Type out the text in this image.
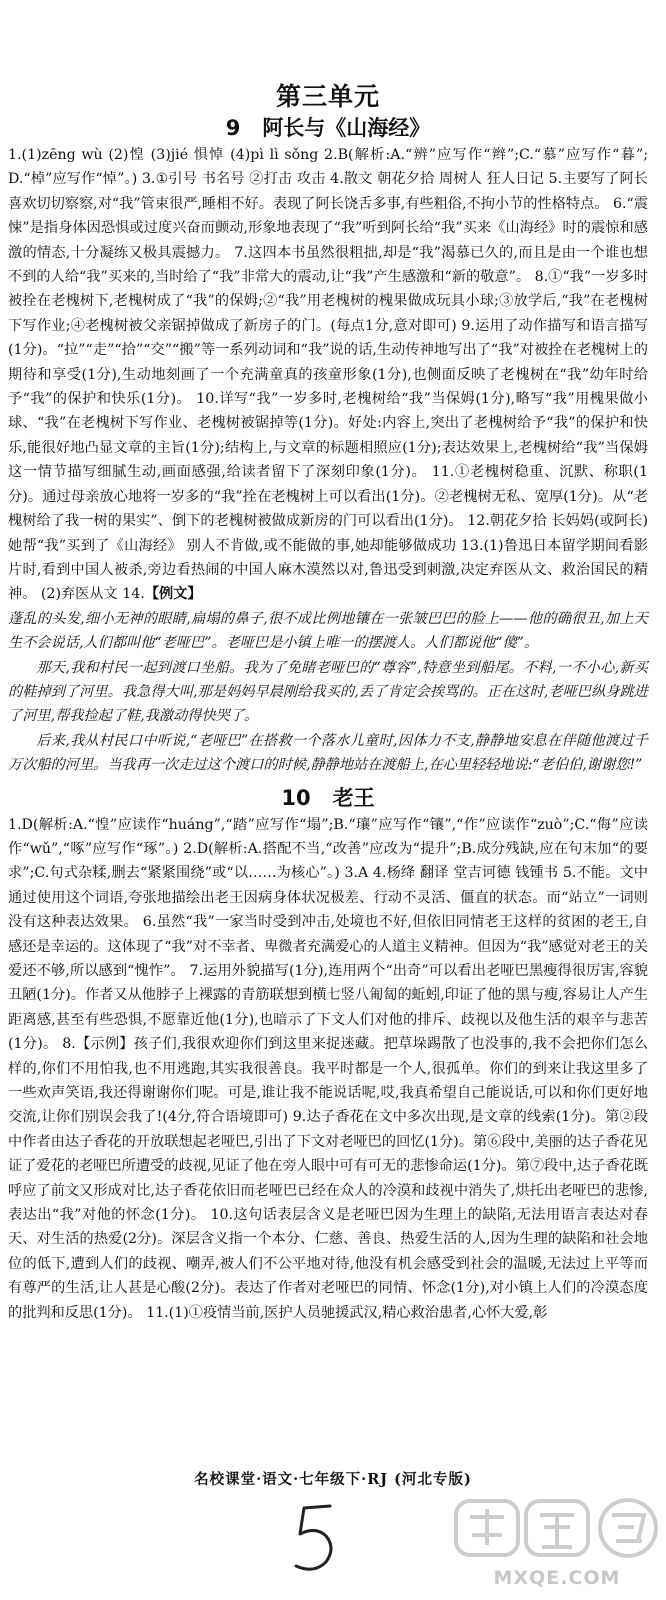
第三单元
9 阿长与《山海经》

1.(1)zēng wù (2)惶 (3)jié 惧悼 (4)pì lì sǒng 2.B(解析:A.“辨”应写作“辫”;C.“慕”应写作“暮”;D.“棹”应写作“悼”。) 3.①引号 书名号 ②打击 攻击 4.散文 朝花夕拾 周树人 狂人日记 5.主要写了阿长喜欢切切察察,对“我”管束很严,睡相不好。表现了阿长饶舌多事,有些粗俗,不拘小节的性格特点。 6.“震悚”是指身体因恐惧或过度兴奋而颤动,形象地表现了“我”听到阿长给“我”买来《山海经》时的震惊和感激的情态,十分凝练又极具震撼力。 7.这四本书虽然很粗拙,却是“我”渴慕已久的,而且是由一个谁也想不到的人给“我”买来的,当时给了“我”非常大的震动,让“我”产生感激和“新的敬意”。 8.①“我”一岁多时被拴在老槐树下,老槐树成了“我”的保姆;②“我”用老槐树的槐果做成玩具小球;③放学后,“我”在老槐树下写作业;④老槐树被父亲锯掉做成了新房子的门。(每点1分,意对即可) 9.运用了动作描写和语言描写(1分)。“拉”“走”“拾”“交”“搬”等一系列动词和“我”说的话,生动传神地写出了“我”对被拴在老槐树上的期待和享受(1分),生动地刻画了一个充满童真的孩童形象(1分),也侧面反映了老槐树在“我”幼年时给予“我”的保护和快乐(1分)。 10.详写“我”一岁多时,老槐树给“我”当保姆(1分),略写“我”用槐果做小球、“我”在老槐树下写作业、老槐树被锯掉等(1分)。好处:内容上,突出了老槐树给予“我”的保护和快乐,能很好地凸显文章的主旨(1分);结构上,与文章的标题相照应(1分);表达效果上,老槐树给“我”当保姆这一情节描写细腻生动,画面感强,给读者留下了深刻印象(1分)。 11.①老槐树稳重、沉默、称职(1分)。通过母亲放心地将一岁多的“我”拴在老槐树上可以看出(1分)。②老槐树无私、宽厚(1分)。从“老槐树给了我一树的果实”、倒下的老槐树被做成新房的门可以看出(1分)。 12.朝花夕拾 长妈妈(或阿长) 她帮“我”买到了《山海经》 别人不肯做,或不能做的事,她却能够做成功 13.(1)鲁迅日本留学期间看影片时,看到中国人被杀,旁边看热闹的中国人麻木漠然以对,鲁迅受到刺激,决定弃医从文、救治国民的精神。 (2)弃医从文 14.【例文】

蓬乱的头发,细小无神的眼睛,扁塌的鼻子,很不成比例地镶在一张皱巴巴的脸上——他的确很丑,加上天生不会说话,人们都叫他“老哑巴”。老哑巴是小镇上唯一的摆渡人。人们都说他“傻”。

那天,我和村民一起到渡口坐船。我为了免睹老哑巴的“尊容”,特意坐到船尾。不料,一不小心,新买的鞋掉到了河里。我急得大叫,那是妈妈早晨刚给我买的,丢了肯定会挨骂的。正在这时,老哑巴纵身跳进了河里,帮我捡起了鞋,我激动得快哭了。

后来,我从村民口中听说,“老哑巴”在搭救一个落水儿童时,因体力不支,静静地安息在伴随他渡过千万次船的河里。当我再一次走过这个渡口的时候,静静地站在渡船上,在心里轻轻地说:“老伯伯,谢谢您!”

10 老王

1.D(解析:A.“惶”应读作“huáng”,“踏”应写作“塌”;B.“瓖”应写作“镶”,“作”应读作“zuò”;C.“侮”应读作“wǔ”,“啄”应写作“琢”。) 2.D(解析:A.搭配不当,“改善”应改为“提升”;B.成分残缺,应在句末加“的要求”;C.句式杂糅,删去“紧紧围绕”或“以……为核心”。) 3.A 4.杨绛 翻译 堂吉诃德 钱锺书 5.不能。文中通过使用这个词语,夸张地描绘出老王因病身体状况极差、行动不灵活、僵直的状态。而“站立”一词则没有这种表达效果。 6.虽然“我”一家当时受到冲击,处境也不好,但依旧同情老王这样的贫困的老王,自感还是幸运的。这体现了“我”对不幸者、卑微者充满爱心的人道主义精神。但因为“我”感觉对老王的关爱还不够,所以感到“愧怍”。 7.运用外貌描写(1分),连用两个“出奇”可以看出老哑巴黑瘦得很厉害,容貌丑陋(1分)。作者又从他脖子上裸露的青筋联想到横七竖八匍匐的蚯蚓,印证了他的黑与瘦,容易让人产生距离感,甚至有些恐惧,不愿靠近他(1分),也暗示了下文人们对他的排斥、歧视以及他生活的艰辛与悲苦(1分)。 8.【示例】孩子们,我很欢迎你们到这里来捉迷藏。把草垛踢散了也没事的,我不会把你们怎么样的,你们不用怕我,也不用逃跑,其实我很善良。我平时都是一个人,很孤单。你们的到来让我这里多了一些欢声笑语,我还得谢谢你们呢。可是,谁让我不能说话呢,哎,我真希望自己能说话,可以和你们更好地交流,让你们别误会我了!(4分,符合语境即可) 9.达子香花在文中多次出现,是文章的线索(1分)。第②段中作者由达子香花的开放联想起老哑巴,引出了下文对老哑巴的回忆(1分)。第⑥段中,美丽的达子香花见证了爱花的老哑巴所遭受的歧视,见证了他在旁人眼中可有可无的悲惨命运(1分)。第⑦段中,达子香花既呼应了前文又形成对比,达子香花依旧而老哑巴已经在众人的冷漠和歧视中消失了,烘托出老哑巴的悲惨,表达出“我”对他的怀念(1分)。 10.这句话表层含义是老哑巴因为生理上的缺陷,无法用语言表达对春天、对生活的热爱(2分)。深层含义指一个本分、仁慈、善良、热爱生活的人,因为生理的缺陷和社会地位的低下,遭到人们的歧视、嘲弄,被人们不公平地对待,他没有机会感受到社会的温暖,无法过上平等而有尊严的生活,让人甚是心酸(2分)。表达了作者对老哑巴的同情、怀念(1分),对小镇上人们的冷漠态度的批判和反思(1分)。 11.(1)①疫情当前,医护人员驰援武汉,精心救治患者,心怀大爱,彰

名校课堂·语文·七年级下·RJ (河北专版)

MXQE.COM
